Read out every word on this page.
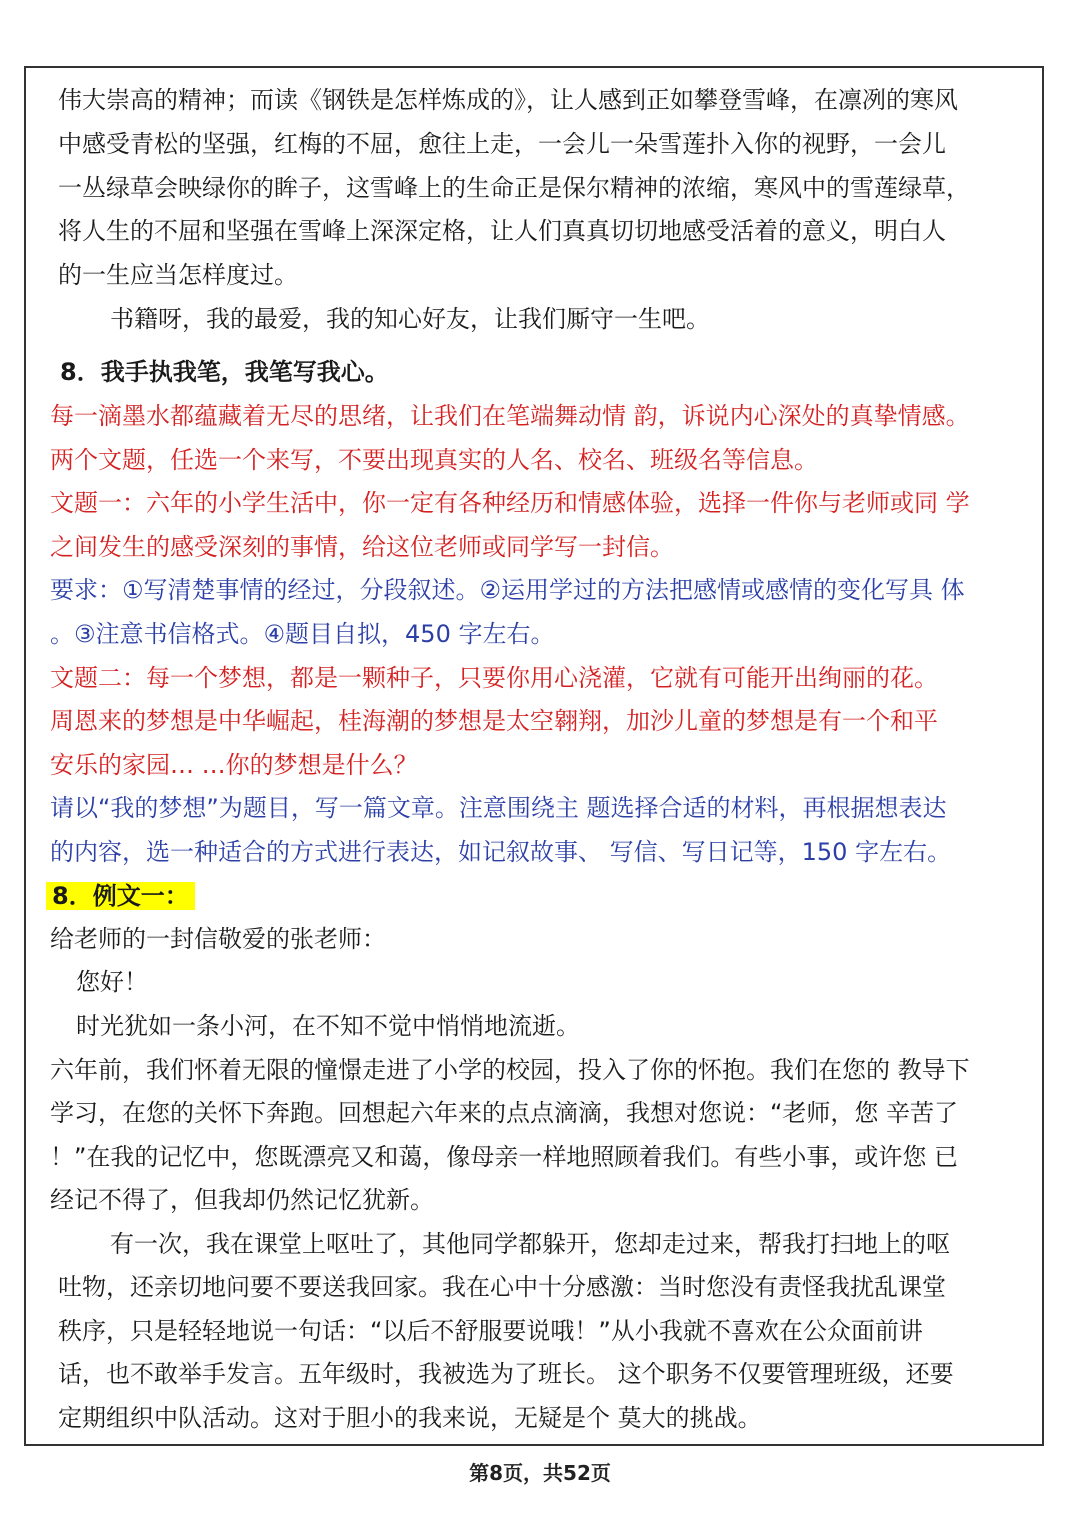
伟大崇高的精神；而读《钢铁是怎样炼成的》，让人感到正如攀登雪峰，在凛冽的寒风
中感受青松的坚强，红梅的不屈，愈往上走，一会儿一朵雪莲扑入你的视野，一会儿
一丛绿草会映绿你的眸子，这雪峰上的生命正是保尔精神的浓缩，寒风中的雪莲绿草，
将人生的不屈和坚强在雪峰上深深定格，让人们真真切切地感受活着的意义，明白人
的一生应当怎样度过。
书籍呀，我的最爱，我的知心好友，让我们厮守一生吧。
8．我手执我笔，我笔写我心。
每一滴墨水都蕴藏着无尽的思绪，让我们在笔端舞动情 韵，诉说内心深处的真挚情感。
两个文题，任选一个来写，不要出现真实的人名、校名、班级名等信息。
文题一：六年的小学生活中，你一定有各种经历和情感体验，选择一件你与老师或同 学
之间发生的感受深刻的事情，给这位老师或同学写一封信。
要求：①写清楚事情的经过，分段叙述。②运用学过的方法把感情或感情的变化写具 体
。③注意书信格式。④题目自拟，450 字左右。
文题二：每一个梦想，都是一颗种子，只要你用心浇灌，它就有可能开出绚丽的花。
周恩来的梦想是中华崛起，桂海潮的梦想是太空翱翔，加沙儿童的梦想是有一个和平
安乐的家园… …你的梦想是什么？
请以“我的梦想”为题目，写一篇文章。注意围绕主 题选择合适的材料，再根据想表达
的内容，选一种适合的方式进行表达，如记叙故事、 写信、写日记等，150 字左右。
8．例文一：
给老师的一封信敬爱的张老师：
您好！
时光犹如一条小河，在不知不觉中悄悄地流逝。
六年前，我们怀着无限的憧憬走进了小学的校园，投入了你的怀抱。我们在您的 教导下
学习，在您的关怀下奔跑。回想起六年来的点点滴滴，我想对您说：“老师，您 辛苦了
！”在我的记忆中，您既漂亮又和蔼，像母亲一样地照顾着我们。有些小事，或许您 已
经记不得了，但我却仍然记忆犹新。
有一次，我在课堂上呕吐了，其他同学都躲开，您却走过来，帮我打扫地上的呕
吐物，还亲切地问要不要送我回家。我在心中十分感激：当时您没有责怪我扰乱课堂
秩序，只是轻轻地说一句话：“以后不舒服要说哦！”从小我就不喜欢在公众面前讲
话，也不敢举手发言。五年级时，我被选为了班长。 这个职务不仅要管理班级，还要
定期组织中队活动。这对于胆小的我来说，无疑是个 莫大的挑战。
第8页，共52页
